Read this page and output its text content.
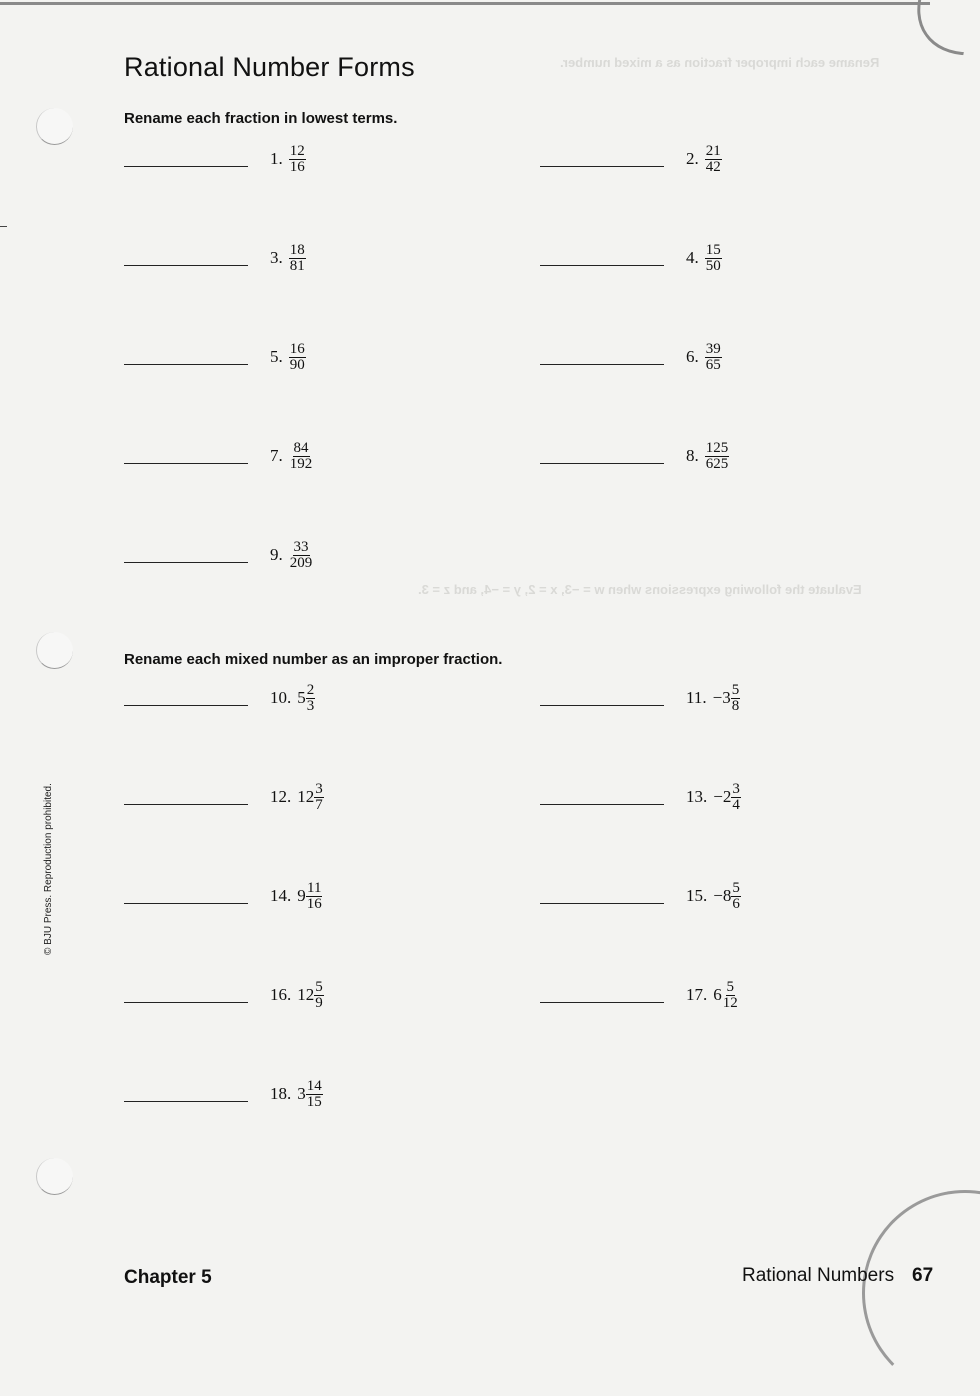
Rename each improper fraction as a mixed number.
Evaluate the following expressions when w = −3, x = 2, y = −4, and z = 3.
Rational Number Forms
Rename each fraction in lowest terms.
1. $\frac{12}{16}$	2. $\frac{21}{42}$
3. $\frac{18}{81}$	4. $\frac{15}{50}$
5. $\frac{16}{90}$	6. $\frac{39}{65}$
7. $\frac{84}{192}$	8. $\frac{125}{625}$
9. $\frac{33}{209}$
Rename each mixed number as an improper fraction.
10. $5 \frac{2}{3}$	11. $-3 \frac{5}{8}$
12. $12 \frac{3}{7}$	13. $-2 \frac{3}{4}$
14. $9 \frac{11}{16}$	15. $-8 \frac{5}{6}$
16. $12 \frac{5}{9}$	17. $6 \frac{5}{12}$
18. $3 \frac{14}{15}$
© BJU Press. Reproduction prohibited.
Chapter 5	Rational Numbers 67
